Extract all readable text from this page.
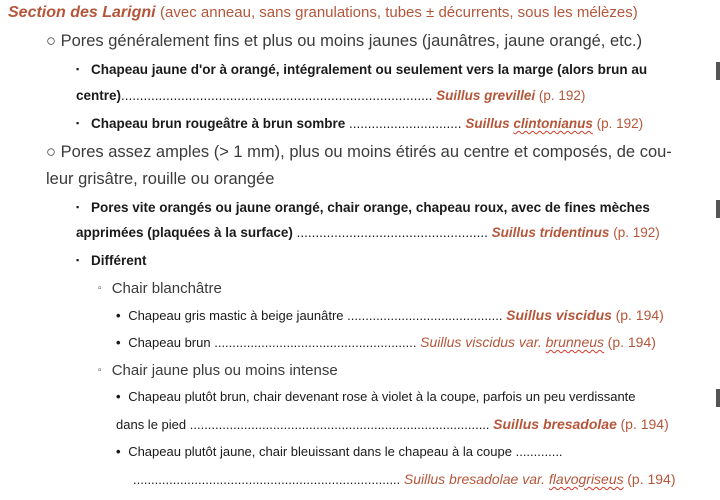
Section des Larigni (avec anneau, sans granulations, tubes ± décurrents, sous les mélèzes)
○ Pores généralement fins et plus ou moins jaunes (jaunâtres, jaune orangé, etc.)
▪ Chapeau jaune d'or à orangé, intégralement ou seulement vers la marge (alors brun au
centre)................................................................................... Suillus grevillei (p. 192)
▪ Chapeau brun rougeâtre à brun sombre .............................. Suillus clintonianus (p. 192)
○ Pores assez amples (> 1 mm), plus ou moins étirés au centre et composés, de cou-
leur grisâtre, rouille ou orangée
▪ Pores vite orangés ou jaune orangé, chair orange, chapeau roux, avec de fines mèches
apprimées (plaquées à la surface) ................................................... Suillus tridentinus (p. 192)
▪ Différent
▫ Chair blanchâtre
• Chapeau gris mastic à beige jaunâtre ........................................... Suillus viscidus (p. 194)
• Chapeau brun ........................................................ Suillus viscidus var. brunneus (p. 194)
▫ Chair jaune plus ou moins intense
• Chapeau plutôt brun, chair devenant rose à violet à la coupe, parfois un peu verdissante
dans le pied ................................................................................... Suillus bresadolae (p. 194)
• Chapeau plutôt jaune, chair bleuissant dans le chapeau à la coupe .............
.......................................................................... Suillus bresadolae var. flavogriseus (p. 194)
